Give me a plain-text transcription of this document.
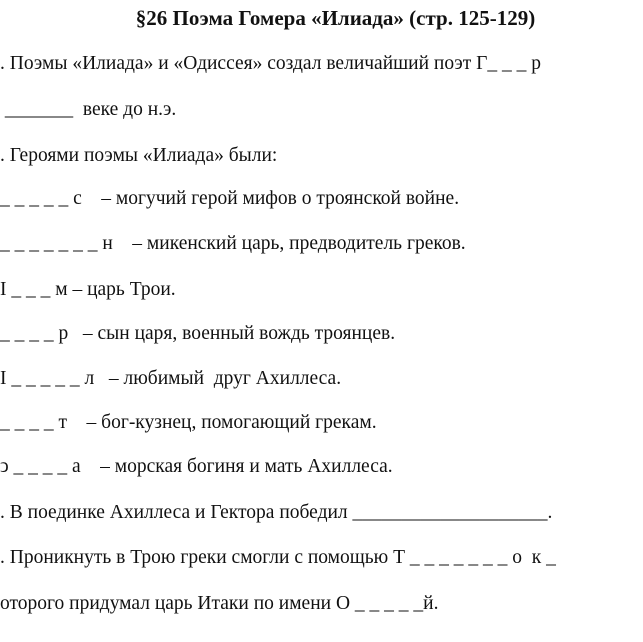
§26 Поэма Гомера «Илиада» (стр. 125-129)
. Поэмы «Илиада» и «Одиссея» создал величайший поэт Г_ _ _ р
_______  веке до н.э.
. Героями поэмы «Илиада» были:
_ _ _ _ _ с    – могучий герой мифов о троянской войне.
_ _ _ _ _ _ _ н    – микенский царь, предводитель греков.
І _ _ _ м – царь Трои.
_ _ _ _ р   – сын царя, военный вождь троянцев.
І _ _ _ _ _ л   – любимый  друг Ахиллеса.
_ _ _ _ т    – бог-кузнец, помогающий грекам.
ͻ _ _ _ _ а    – морская богиня и мать Ахиллеса.
. В поединке Ахиллеса и Гектора победил ____________________.
. Проникнуть в Трою греки смогли с помощью Т _ _ _ _ _ _ _ о  к _
оторого придумал царь Итаки по имени О _ _ _ _ _й.
